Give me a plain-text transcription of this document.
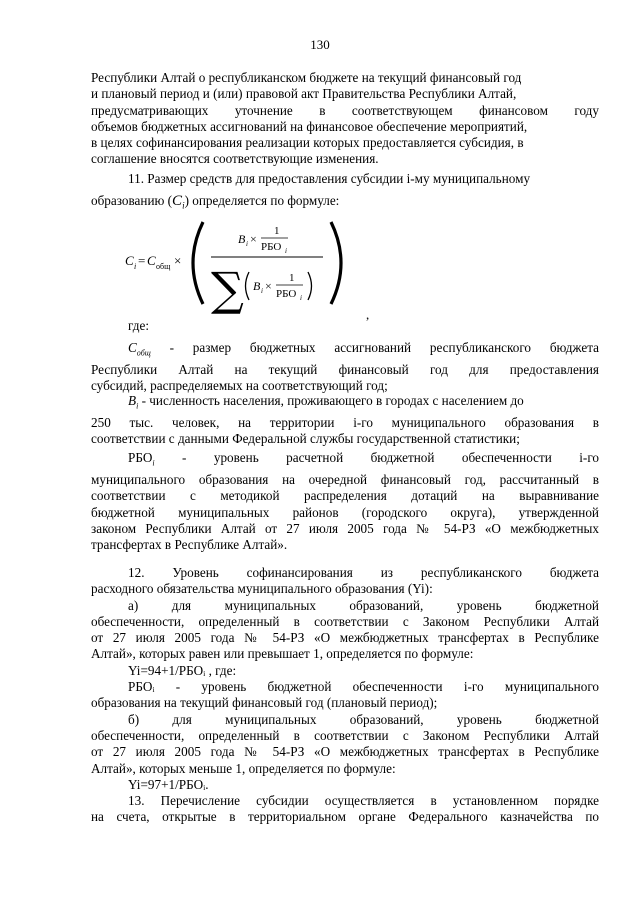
130

Республики Алтай о республиканском бюджете на текущий финансовый год
и плановый период и (или) правовой акт Правительства Республики Алтай,
предусматривающих уточнение в соответствующем финансовом году
объемов бюджетных ассигнований на финансовое обеспечение мероприятий,
в целях софинансирования реализации которых предоставляется субсидия, в
соглашение вносятся соответствующие изменения.

11. Размер средств для предоставления субсидии i-му муниципальному
образованию $(C_i)$ определяется по формуле:
C i = C общ ×
B i ×
1
РБО i
∑ B i ×
1
РБО i
,
где:

$C_{общ}$ - размер бюджетных ассигнований республиканского бюджета

Республики Алтай на текущий финансовый год для предоставления
субсидий, распределяемых на соответствующий год;

$B_i$ - численность населения, проживающего в городах с населением до

250 тыс. человек, на территории i-го муниципального образования в
соответствии с данными Федеральной службы государственной статистики;

$РБО_i$ - уровень расчетной бюджетной обеспеченности i-го

муниципального образования на очередной финансовый год, рассчитанный в
соответствии с методикой распределения дотаций на выравнивание
бюджетной муниципальных районов (городского округа), утвержденной
законом Республики Алтай от 27 июля 2005 года № 54-РЗ «О межбюджетных
трансфертах в Республике Алтай».
12. Уровень софинансирования из республиканского бюджета
расходного обязательства муниципального образования (Yi):
а) для муниципальных образований, уровень бюджетной
обеспеченности, определенный в соответствии с Законом Республики Алтай
от 27 июля 2005 года № 54-РЗ «О межбюджетных трансфертах в Республике
Алтай», которых равен или превышает 1, определяется по формуле:
Yi=94+1/РБОᵢ , где:
РБОᵢ - уровень бюджетной обеспеченности i-го муниципального
образования на текущий финансовый год (плановый период);
б) для муниципальных образований, уровень бюджетной
обеспеченности, определенный в соответствии с Законом Республики Алтай
от 27 июля 2005 года № 54-РЗ «О межбюджетных трансфертах в Республике
Алтай», которых меньше 1, определяется по формуле:
Yi=97+1/РБОᵢ.
13. Перечисление субсидии осуществляется в установленном порядке
на счета, открытые в территориальном органе Федерального казначейства по
